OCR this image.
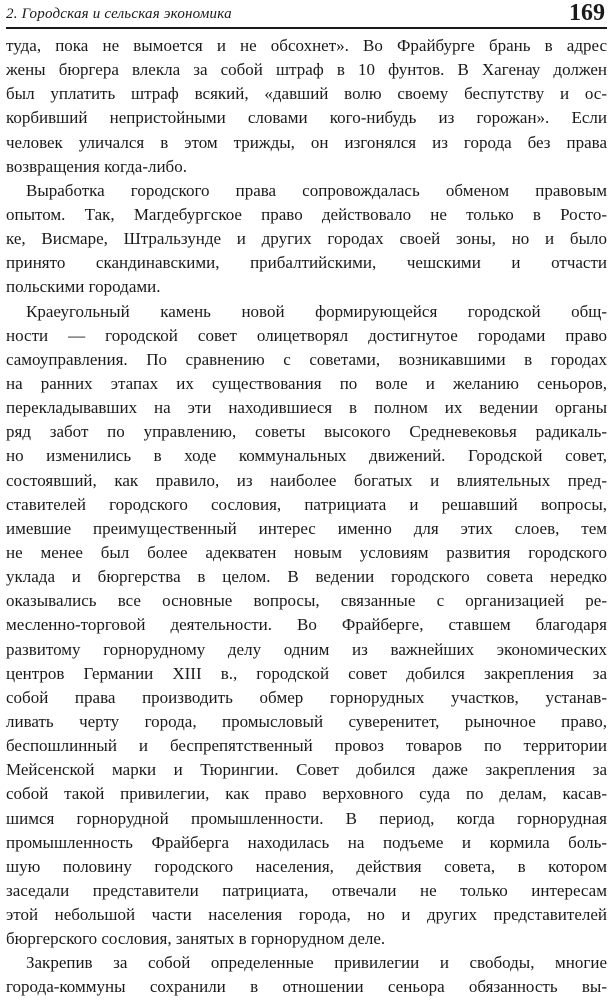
2. Городская и сельская экономика	169
туда, пока не вымоется и не обсохнет». Во Фрайбурге брань в адрес
жены бюргера влекла за собой штраф в 10 фунтов. В Хагенау должен
был уплатить штраф всякий, «давший волю своему беспутству и ос-
корбивший непристойными словами кого-нибудь из горожан». Если
человек уличался в этом трижды, он изгонялся из города без права
возвращения когда-либо.
Выработка городского права сопровождалась обменом правовым
опытом. Так, Магдебургское право действовало не только в Росто-
ке, Висмаре, Штральзунде и других городах своей зоны, но и было
принято скандинавскими, прибалтийскими, чешскими и отчасти
польскими городами.
Краеугольный камень новой формирующейся городской общ-
ности — городской совет олицетворял достигнутое городами право
самоуправления. По сравнению с советами, возникавшими в городах
на ранних этапах их существования по воле и желанию сеньоров,
перекладывавших на эти находившиеся в полном их ведении органы
ряд забот по управлению, советы высокого Средневековья радикаль-
но изменились в ходе коммунальных движений. Городской совет,
состоявший, как правило, из наиболее богатых и влиятельных пред-
ставителей городского сословия, патрициата и решавший вопросы,
имевшие преимущественный интерес именно для этих слоев, тем
не менее был более адекватен новым условиям развития городского
уклада и бюргерства в целом. В ведении городского совета нередко
оказывались все основные вопросы, связанные с организацией ре-
месленно-торговой деятельности. Во Фрайберге, ставшем благодаря
развитому горнорудному делу одним из важнейших экономических
центров Германии XIII в., городской совет добился закрепления за
собой права производить обмер горнорудных участков, устанав-
ливать черту города, промысловый суверенитет, рыночное право,
беспошлинный и беспрепятственный провоз товаров по территории
Мейсенской марки и Тюрингии. Совет добился даже закрепления за
собой такой привилегии, как право верховного суда по делам, касав-
шимся горнорудной промышленности. В период, когда горнорудная
промышленность Фрайберга находилась на подъеме и кормила боль-
шую половину городского населения, действия совета, в котором
заседали представители патрициата, отвечали не только интересам
этой небольшой части населения города, но и других представителей
бюргерского сословия, занятых в горнорудном деле.
Закрепив за собой определенные привилегии и свободы, многие
города-коммуны сохранили в отношении сеньора обязанность вы-
